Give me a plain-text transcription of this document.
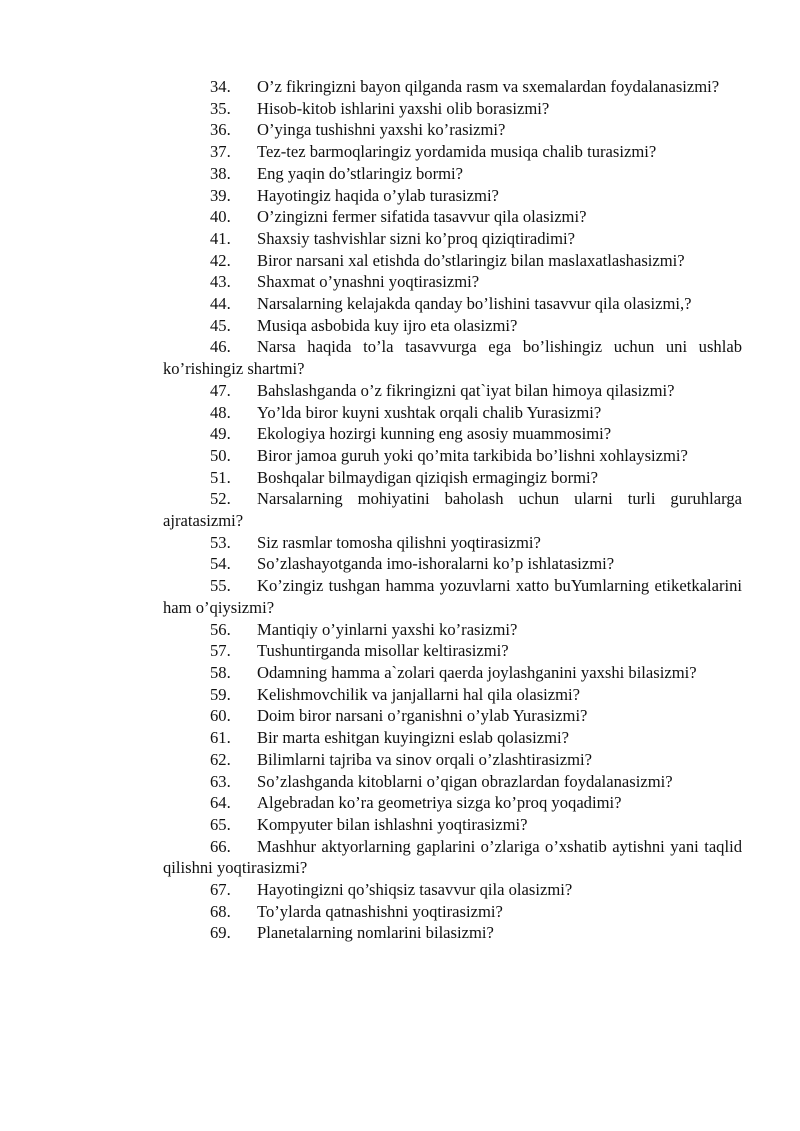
34. O’z fikringizni bayon qilganda rasm va sxemalardan foydalanasizmi?

35. Hisob-kitob ishlarini yaxshi olib borasizmi?

36. O’yinga tushishni yaxshi ko’rasizmi?

37. Tez-tez barmoqlaringiz yordamida musiqa chalib turasizmi?

38. Eng yaqin do’stlaringiz bormi?

39. Hayotingiz haqida o’ylab turasizmi?

40. O’zingizni fermer sifatida tasavvur qila olasizmi?

41. Shaxsiy tashvishlar sizni ko’proq qiziqtiradimi?

42. Biror narsani xal etishda do’stlaringiz bilan maslaxatlashasizmi?

43. Shaxmat o’ynashni yoqtirasizmi?

44. Narsalarning kelajakda qanday bo’lishini tasavvur qila olasizmi,?

45. Musiqa asbobida kuy ijro eta olasizmi?

46. Narsa haqida to’la tasavvurga ega bo’lishingiz uchun uni ushlab ko’rishingiz shartmi?

47. Bahslashganda o’z fikringizni qat`iyat bilan himoya qilasizmi?

48. Yo’lda biror kuyni xushtak orqali chalib Yurasizmi?

49. Ekologiya hozirgi kunning eng asosiy muammosimi?

50. Biror jamoa guruh yoki qo’mita tarkibida bo’lishni xohlaysizmi?

51. Boshqalar bilmaydigan qiziqish ermagingiz bormi?

52. Narsalarning mohiyatini baholash uchun ularni turli guruhlarga ajratasizmi?

53. Siz rasmlar tomosha qilishni yoqtirasizmi?

54. So’zlashayotganda imo-ishoralarni ko’p ishlatasizmi?

55. Ko’zingiz tushgan hamma yozuvlarni xatto buYumlarning etiketkalarini ham o’qiysizmi?

56. Mantiqiy o’yinlarni yaxshi ko’rasizmi?

57. Tushuntirganda misollar keltirasizmi?

58. Odamning hamma a`zolari qaerda joylashganini yaxshi bilasizmi?

59. Kelishmovchilik va janjallarni hal qila olasizmi?

60. Doim biror narsani o’rganishni o’ylab Yurasizmi?

61. Bir marta eshitgan kuyingizni eslab qolasizmi?

62. Bilimlarni tajriba va sinov orqali o’zlashtirasizmi?

63. So’zlashganda kitoblarni o’qigan obrazlardan foydalanasizmi?

64. Algebradan ko’ra geometriya sizga ko’proq yoqadimi?

65. Kompyuter bilan ishlashni yoqtirasizmi?

66. Mashhur aktyorlarning gaplarini o’zlariga o’xshatib aytishni yani taqlid qilishni yoqtirasizmi?

67. Hayotingizni qo’shiqsiz tasavvur qila olasizmi?

68. To’ylarda qatnashishni yoqtirasizmi?

69. Planetalarning nomlarini bilasizmi?
